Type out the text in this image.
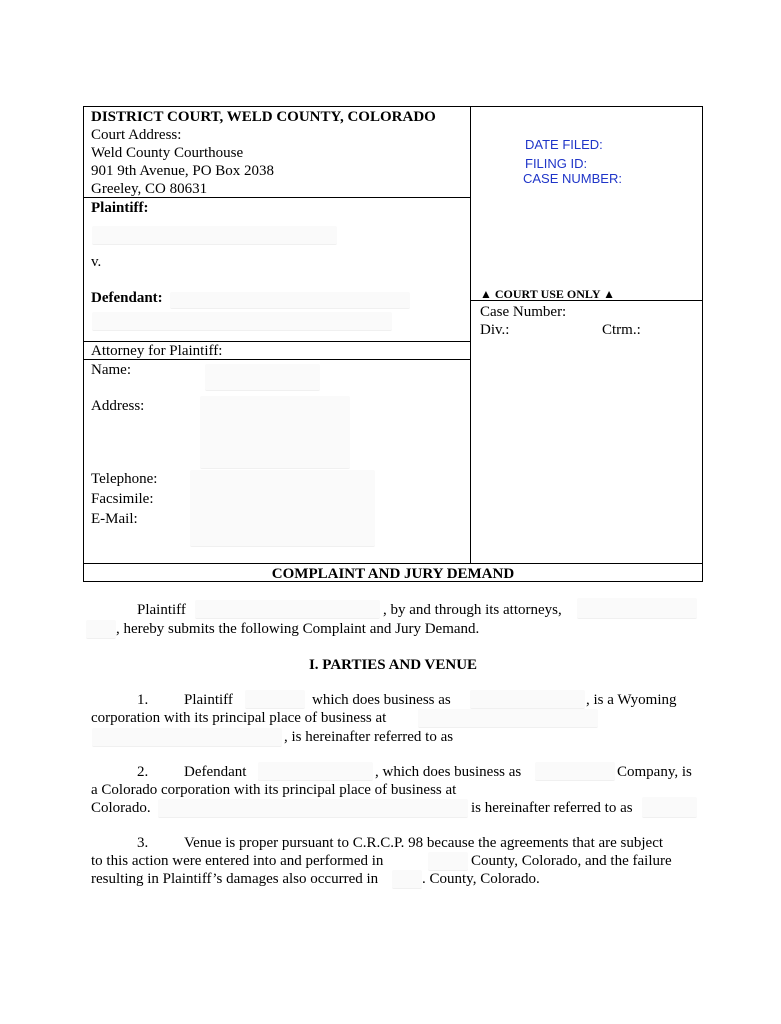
DISTRICT COURT, WELD COUNTY, COLORADO
Court Address:
Weld County Courthouse
901 9th Avenue, PO Box 2038
Greeley, CO 80631
Plaintiff:
v.
Defendant:
Attorney for Plaintiff:
Name:
Address:
Telephone:
Facsimile:
E-Mail:
DATE FILED:
FILING ID:
CASE NUMBER:
▲ COURT USE ONLY ▲
Case Number:
Div.:	Ctrm.:
COMPLAINT AND JURY DEMAND
Plaintiff	, by and through its attorneys,
, hereby submits the following Complaint and Jury Demand.
I. PARTIES AND VENUE
1. Plaintiff	which does business as	, is a Wyoming
corporation with its principal place of business at
, is hereinafter referred to as
2. Defendant	, which does business as	Company, is
a Colorado corporation with its principal place of business at
Colorado.	is hereinafter referred to as
3. Venue is proper pursuant to C.R.C.P. 98 because the agreements that are subject
to this action were entered into and performed in	County, Colorado, and the failure
resulting in Plaintiff’s damages also occurred in	. County, Colorado.
